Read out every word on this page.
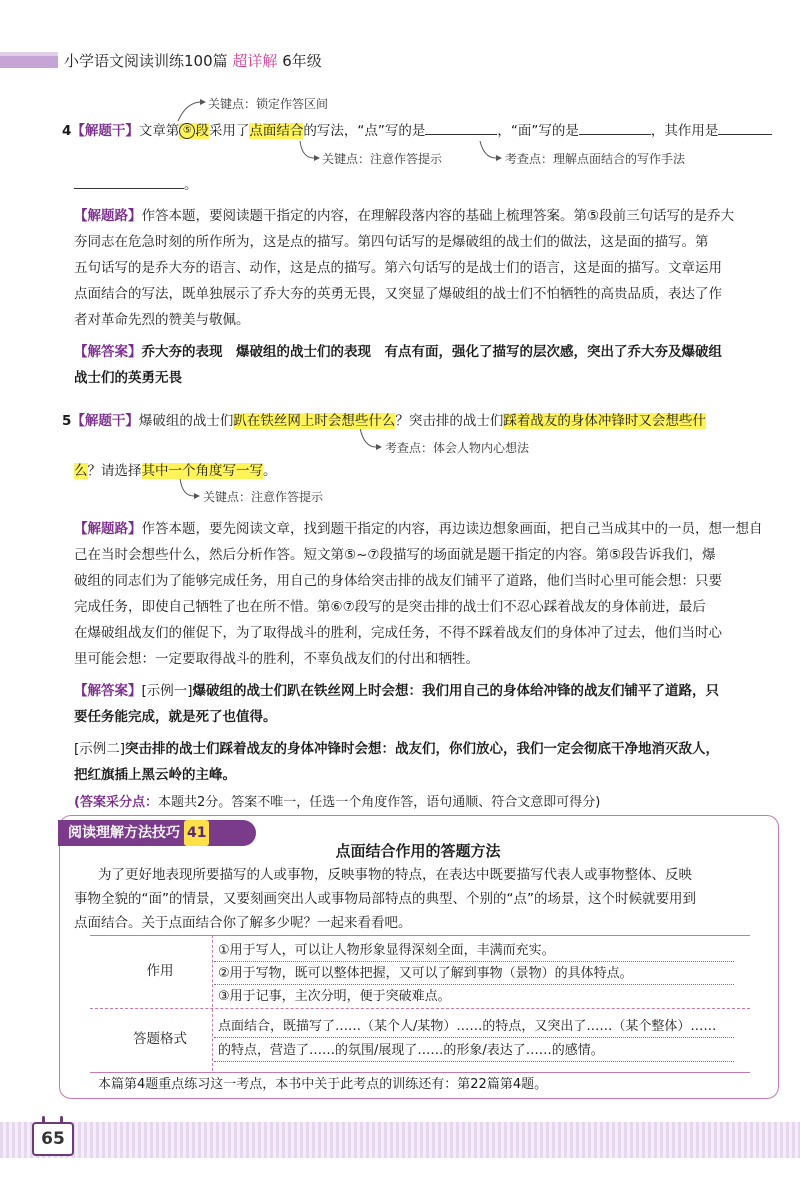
小学语文阅读训练100篇 超详解 6年级
关键点：锁定作答区间
4【解题干】文章第 ⑤ 段采用了点面结合的写法，“点”写的是	，“面”写的是	，其作用是
关键点：注意作答提示	考查点：理解点面结合的写作手法
。
【解题路】作答本题，要阅读题干指定的内容，在理解段落内容的基础上梳理答案。第⑤段前三句话写的是乔大
夯同志在危急时刻的所作所为，这是点的描写。第四句话写的是爆破组的战士们的做法，这是面的描写。第
五句话写的是乔大夯的语言、动作，这是点的描写。第六句话写的是战士们的语言，这是面的描写。文章运用
点面结合的写法，既单独展示了乔大夯的英勇无畏，又突显了爆破组的战士们不怕牺牲的高贵品质，表达了作
者对革命先烈的赞美与敬佩。
【解答案】乔大夯的表现　爆破组的战士们的表现　有点有面，强化了描写的层次感，突出了乔大夯及爆破组
战士们的英勇无畏
5【解题干】爆破组的战士们趴在铁丝网上时会想些什么？突击排的战士们踩着战友的身体冲锋时又会想些什
考查点：体会人物内心想法
么？请选择其中一个角度写一写。
关键点：注意作答提示
【解题路】作答本题，要先阅读文章，找到题干指定的内容，再边读边想象画面，把自己当成其中的一员，想一想自
己在当时会想些什么，然后分析作答。短文第⑤~⑦段描写的场面就是题干指定的内容。第⑤段告诉我们，爆
破组的同志们为了能够完成任务，用自己的身体给突击排的战友们铺平了道路，他们当时心里可能会想：只要
完成任务，即使自己牺牲了也在所不惜。第⑥⑦段写的是突击排的战士们不忍心踩着战友的身体前进，最后
在爆破组战友们的催促下，为了取得战斗的胜利，完成任务，不得不踩着战友们的身体冲了过去，他们当时心
里可能会想：一定要取得战斗的胜利，不辜负战友们的付出和牺牲。
【解答案】[示例一]爆破组的战士们趴在铁丝网上时会想：我们用自己的身体给冲锋的战友们铺平了道路，只
要任务能完成，就是死了也值得。
[示例二]突击排的战士们踩着战友的身体冲锋时会想：战友们，你们放心，我们一定会彻底干净地消灭敌人，
把红旗插上黑云岭的主峰。
(答案采分点：本题共2分。答案不唯一，任选一个角度作答，语句通顺、符合文意即可得分)
阅读理解方法技巧 41
点面结合作用的答题方法
为了更好地表现所要描写的人或事物，反映事物的特点，在表达中既要描写代表人或事物整体、反映
事物全貌的“面”的情景，又要刻画突出人或事物局部特点的典型、个别的“点”的场景，这个时候就要用到
点面结合。关于点面结合你了解多少呢？一起来看看吧。
作用
①用于写人，可以让人物形象显得深刻全面，丰满而充实。
②用于写物，既可以整体把握，又可以了解到事物（景物）的具体特点。
③用于记事，主次分明，便于突破难点。
答题格式
点面结合，既描写了……（某个人/某物）……的特点，又突出了……（某个整体）……
的特点，营造了……的氛围/展现了……的形象/表达了……的感情。
本篇第4题重点练习这一考点，本书中关于此考点的训练还有：第22篇第4题。
65
